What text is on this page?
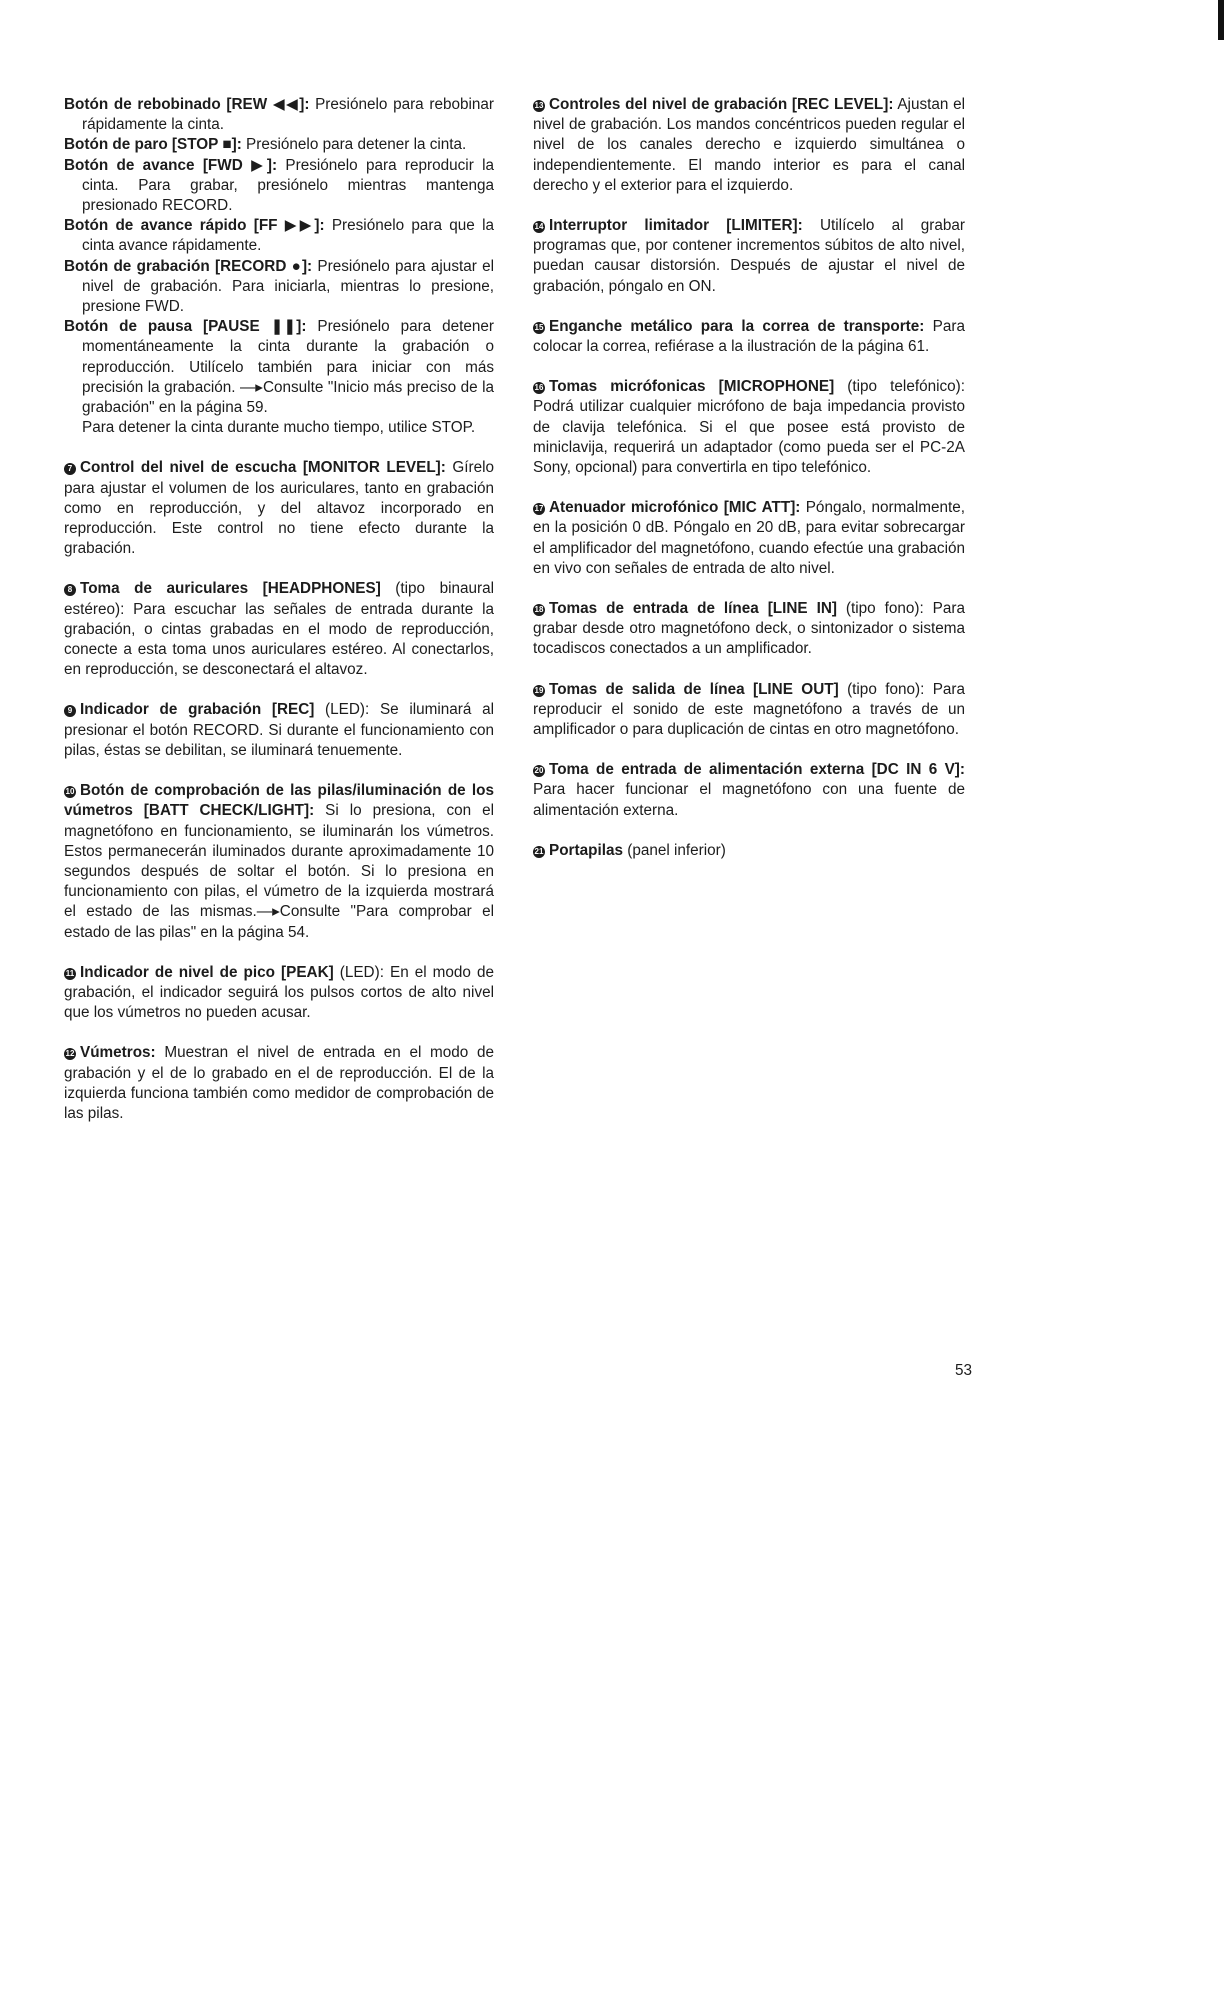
Botón de rebobinado [REW ◀◀]: Presiónelo para rebobinar rápidamente la cinta.

Botón de paro [STOP ■]: Presiónelo para detener la cinta.

Botón de avance [FWD ▶]: Presiónelo para reproducir la cinta. Para grabar, presiónelo mientras mantenga presionado RECORD.

Botón de avance rápido [FF ▶▶]: Presiónelo para que la cinta avance rápidamente.

Botón de grabación [RECORD ●]: Presiónelo para ajustar el nivel de grabación. Para iniciarla, mientras lo presione, presione FWD.

Botón de pausa [PAUSE ❚❚]: Presiónelo para detener momentáneamente la cinta durante la grabación o reproducción. Utilícelo también para iniciar con más precisión la grabación. —▸Consulte "Inicio más preciso de la grabación" en la página 59.

Para detener la cinta durante mucho tiempo, utilice STOP.

7 Control del nivel de escucha [MONITOR LEVEL]: Gírelo para ajustar el volumen de los auriculares, tanto en grabación como en reproducción, y del altavoz incorporado en reproducción. Este control no tiene efecto durante la grabación.

8 Toma de auriculares [HEADPHONES] (tipo binaural estéreo): Para escuchar las señales de entrada durante la grabación, o cintas grabadas en el modo de reproducción, conecte a esta toma unos auriculares estéreo. Al conectarlos, en reproducción, se desconectará el altavoz.

9 Indicador de grabación [REC] (LED): Se iluminará al presionar el botón RECORD. Si durante el funcionamiento con pilas, éstas se debilitan, se iluminará tenuemente.

10 Botón de comprobación de las pilas/iluminación de los vúmetros [BATT CHECK/LIGHT]: Si lo presiona, con el magnetófono en funcionamiento, se iluminarán los vúmetros. Estos permanecerán iluminados durante aproximadamente 10 segundos después de soltar el botón. Si lo presiona en funcionamiento con pilas, el vúmetro de la izquierda mostrará el estado de las mismas.—▸Consulte "Para comprobar el estado de las pilas" en la página 54.

11 Indicador de nivel de pico [PEAK] (LED): En el modo de grabación, el indicador seguirá los pulsos cortos de alto nivel que los vúmetros no pueden acusar.

12 Vúmetros: Muestran el nivel de entrada en el modo de grabación y el de lo grabado en el de reproducción. El de la izquierda funciona también como medidor de comprobación de las pilas.

13 Controles del nivel de grabación [REC LEVEL]: Ajustan el nivel de grabación. Los mandos concéntricos pueden regular el nivel de los canales derecho e izquierdo simultánea o independientemente. El mando interior es para el canal derecho y el exterior para el izquierdo.

14 Interruptor limitador [LIMITER]: Utilícelo al grabar programas que, por contener incrementos súbitos de alto nivel, puedan causar distorsión. Después de ajustar el nivel de grabación, póngalo en ON.

15 Enganche metálico para la correa de transporte: Para colocar la correa, refiérase a la ilustración de la página 61.

16 Tomas micrófonicas [MICROPHONE] (tipo telefónico): Podrá utilizar cualquier micrófono de baja impedancia provisto de clavija telefónica. Si el que posee está provisto de miniclavija, requerirá un adaptador (como pueda ser el PC-2A Sony, opcional) para convertirla en tipo telefónico.

17 Atenuador microfónico [MIC ATT]: Póngalo, normalmente, en la posición 0 dB. Póngalo en 20 dB, para evitar sobrecargar el amplificador del magnetófono, cuando efectúe una grabación en vivo con señales de entrada de alto nivel.

18 Tomas de entrada de línea [LINE IN] (tipo fono): Para grabar desde otro magnetófono deck, o sintonizador o sistema tocadiscos conectados a un amplificador.

19 Tomas de salida de línea [LINE OUT] (tipo fono): Para reproducir el sonido de este magnetófono a través de un amplificador o para duplicación de cintas en otro magnetófono.

20 Toma de entrada de alimentación externa [DC IN 6 V]: Para hacer funcionar el magnetófono con una fuente de alimentación externa.

21 Portapilas (panel inferior)

53
